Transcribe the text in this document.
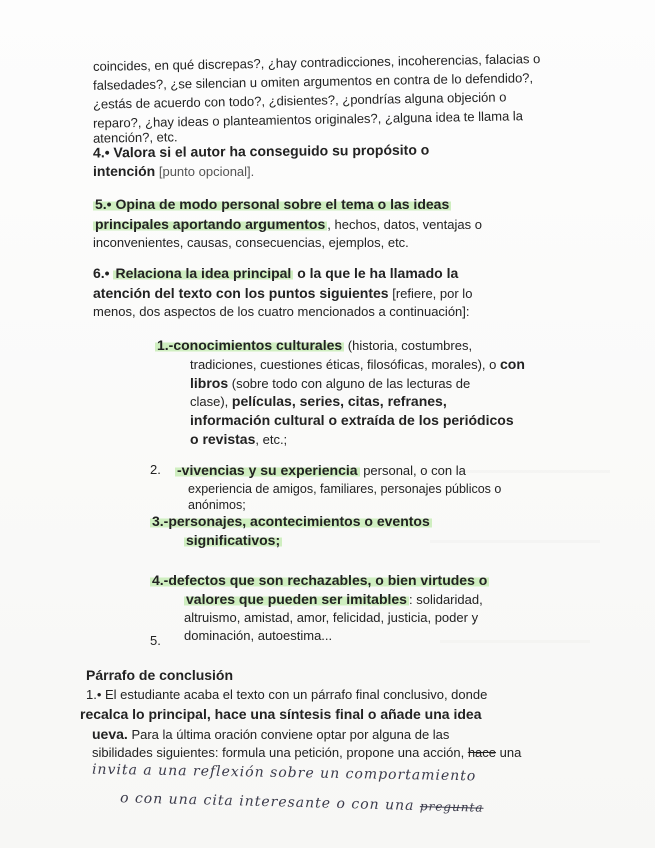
coincides, en qué discrepas?, ¿hay contradicciones, incoherencias, falacias o
falsedades?, ¿se silencian u omiten argumentos en contra de lo defendido?,
¿estás de acuerdo con todo?, ¿disientes?, ¿pondrías alguna objeción o
reparo?, ¿hay ideas o planteamientos originales?, ¿alguna idea te llama la
atención?, etc.
4.• Valora si el autor ha conseguido su propósito o
intención [punto opcional].
5.• Opina de modo personal sobre el tema o las ideas
principales aportando argumentos , hechos, datos, ventajas o
inconvenientes, causas, consecuencias, ejemplos, etc.
6.• Relaciona la idea principal o la que le ha llamado la
atención del texto con los puntos siguientes [refiere, por lo
menos, dos aspectos de los cuatro mencionados a continuación]:
1.-conocimientos culturales (historia, costumbres,
tradiciones, cuestiones éticas, filosóficas, morales), o con
libros (sobre todo con alguno de las lecturas de
clase), películas, series, citas, refranes,
información cultural o extraída de los periódicos
o revistas, etc.;
2. -vivencias y su experiencia personal, o con la
experiencia de amigos, familiares, personajes públicos o
anónimos;
3.-personajes, acontecimientos o eventos
significativos;
4.-defectos que son rechazables, o bien virtudes o
valores que pueden ser imitables : solidaridad,
altruismo, amistad, amor, felicidad, justicia, poder y
dominación, autoestima...
5.
Párrafo de conclusión
1.• El estudiante acaba el texto con un párrafo final conclusivo, donde
recalca lo principal, hace una síntesis final o añade una idea
ueva. Para la última oración conviene optar por alguna de las
sibilidades siguientes: formula una petición, propone una acción, hace una
invita a una reflexión sobre un comportamiento
o con una cita interesante o con una pregunta
